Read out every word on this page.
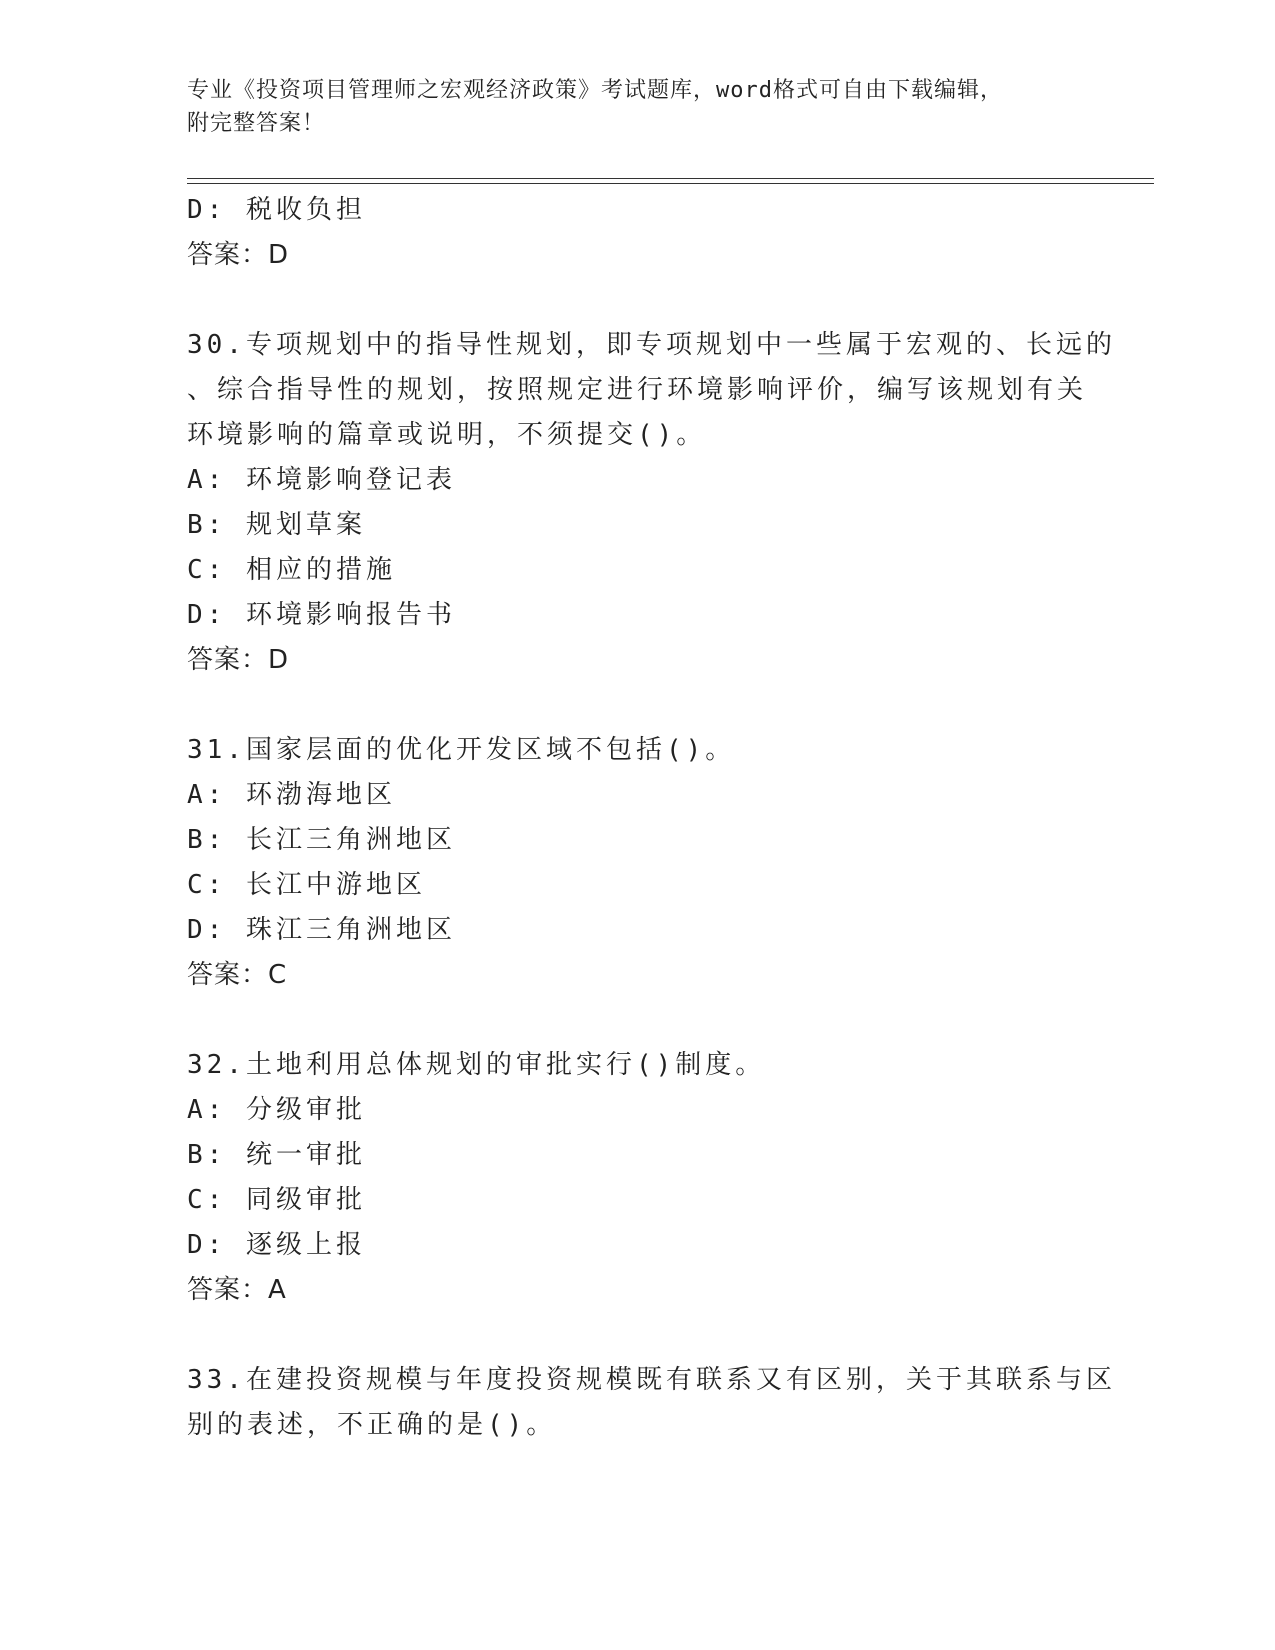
专业《投资项目管理师之宏观经济政策》考试题库，word格式可自由下载编辑，
附完整答案！
D: 税收负担
答案：D
30.专项规划中的指导性规划，即专项规划中一些属于宏观的、长远的
、综合指导性的规划，按照规定进行环境影响评价，编写该规划有关
环境影响的篇章或说明，不须提交()。
A: 环境影响登记表
B: 规划草案
C: 相应的措施
D: 环境影响报告书
答案：D
31.国家层面的优化开发区域不包括()。
A: 环渤海地区
B: 长江三角洲地区
C: 长江中游地区
D: 珠江三角洲地区
答案：C
32.土地利用总体规划的审批实行()制度。
A: 分级审批
B: 统一审批
C: 同级审批
D: 逐级上报
答案：A
33.在建投资规模与年度投资规模既有联系又有区别，关于其联系与区
别的表述，不正确的是()。
